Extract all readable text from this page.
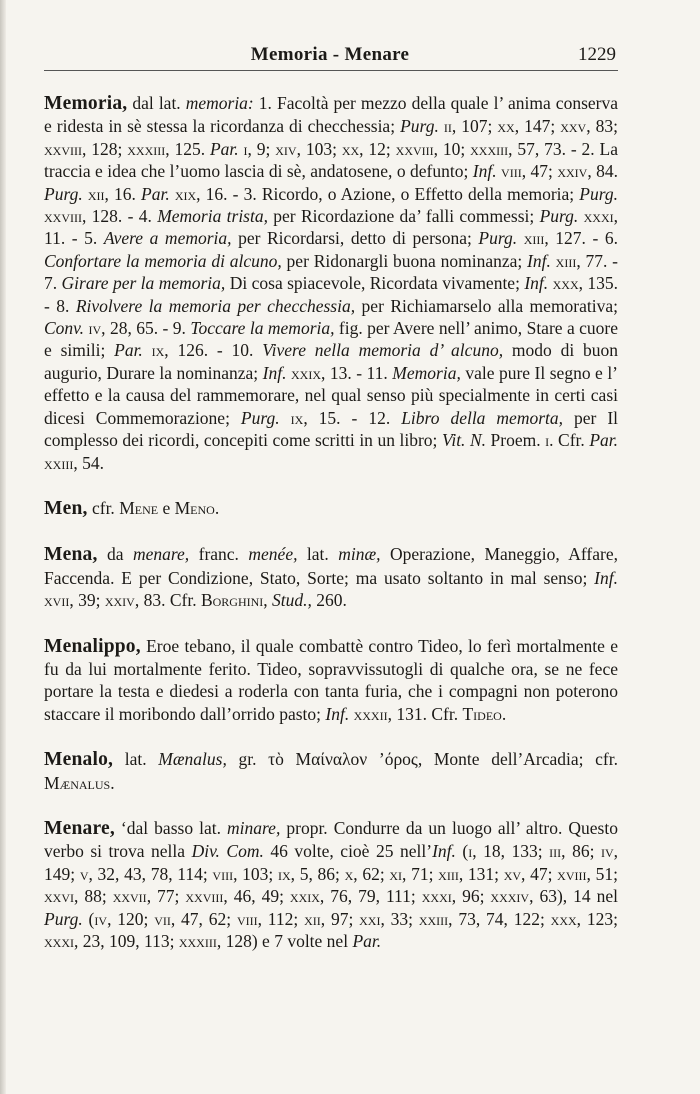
Memoria - Menare	1229

Memoria, dal lat. memoria: 1. Facoltà per mezzo della quale l’ anima conserva e ridesta in sè stessa la ricordanza di checchessia; Purg. ii, 107; xx, 147; xxv, 83; xxviii, 128; xxxiii, 125. Par. i, 9; xiv, 103; xx, 12; xxviii, 10; xxxiii, 57, 73. - 2. La traccia e idea che l’uomo lascia di sè, andatosene, o defunto; Inf. viii, 47; xxiv, 84. Purg. xii, 16. Par. xix, 16. - 3. Ricordo, o Azione, o Effetto della memoria; Purg. xxviii, 128. - 4. Memoria trista, per Ricordazione da’ falli commessi; Purg. xxxi, 11. - 5. Avere a memoria, per Ricordarsi, detto di persona; Purg. xiii, 127. - 6. Confortare la memoria di alcuno, per Ridonargli buona nominanza; Inf. xiii, 77. - 7. Girare per la memoria, Di cosa spiacevole, Ricordata vivamente; Inf. xxx, 135. - 8. Rivolvere la memoria per checchessia, per Richiamarselo alla memorativa; Conv. iv, 28, 65. - 9. Toccare la memoria, fig. per Avere nell’ animo, Stare a cuore e simili; Par. ix, 126. - 10. Vivere nella memoria d’ alcuno, modo di buon augurio, Durare la nominanza; Inf. xxix, 13. - 11. Memoria, vale pure Il segno e l’ effetto e la causa del rammemorare, nel qual senso più specialmente in certi casi dicesi Commemorazione; Purg. ix, 15. - 12. Libro della memorta, per Il complesso dei ricordi, concepiti come scritti in un libro; Vit. N. Proem. i. Cfr. Par. xxiii, 54.

Men, cfr. Mene e Meno.

Mena, da menare, franc. menée, lat. minæ, Operazione, Maneggio, Affare, Faccenda. E per Condizione, Stato, Sorte; ma usato soltanto in mal senso; Inf. xvii, 39; xxiv, 83. Cfr. Borghini, Stud., 260.

Menalippo, Eroe tebano, il quale combattè contro Tideo, lo ferì mortalmente e fu da lui mortalmente ferito. Tideo, sopravvissutogli di qualche ora, se ne fece portare la testa e diedesi a roderla con tanta furia, che i compagni non poterono staccare il moribondo dall’orrido pasto; Inf. xxxii, 131. Cfr. Tideo.

Menalo, lat. Mænalus, gr. τὸ Μαίναλον ’όρος, Monte dell’Arcadia; cfr. Mænalus.

Menare, ‘dal basso lat. minare, propr. Condurre da un luogo all’ altro. Questo verbo si trova nella Div. Com. 46 volte, cioè 25 nell’Inf. (i, 18, 133; iii, 86; iv, 149; v, 32, 43, 78, 114; viii, 103; ix, 5, 86; x, 62; xi, 71; xiii, 131; xv, 47; xviii, 51; xxvi, 88; xxvii, 77; xxviii, 46, 49; xxix, 76, 79, 111; xxxi, 96; xxxiv, 63), 14 nel Purg. (iv, 120; vii, 47, 62; viii, 112; xii, 97; xxi, 33; xxiii, 73, 74, 122; xxx, 123; xxxi, 23, 109, 113; xxxiii, 128) e 7 volte nel Par.
